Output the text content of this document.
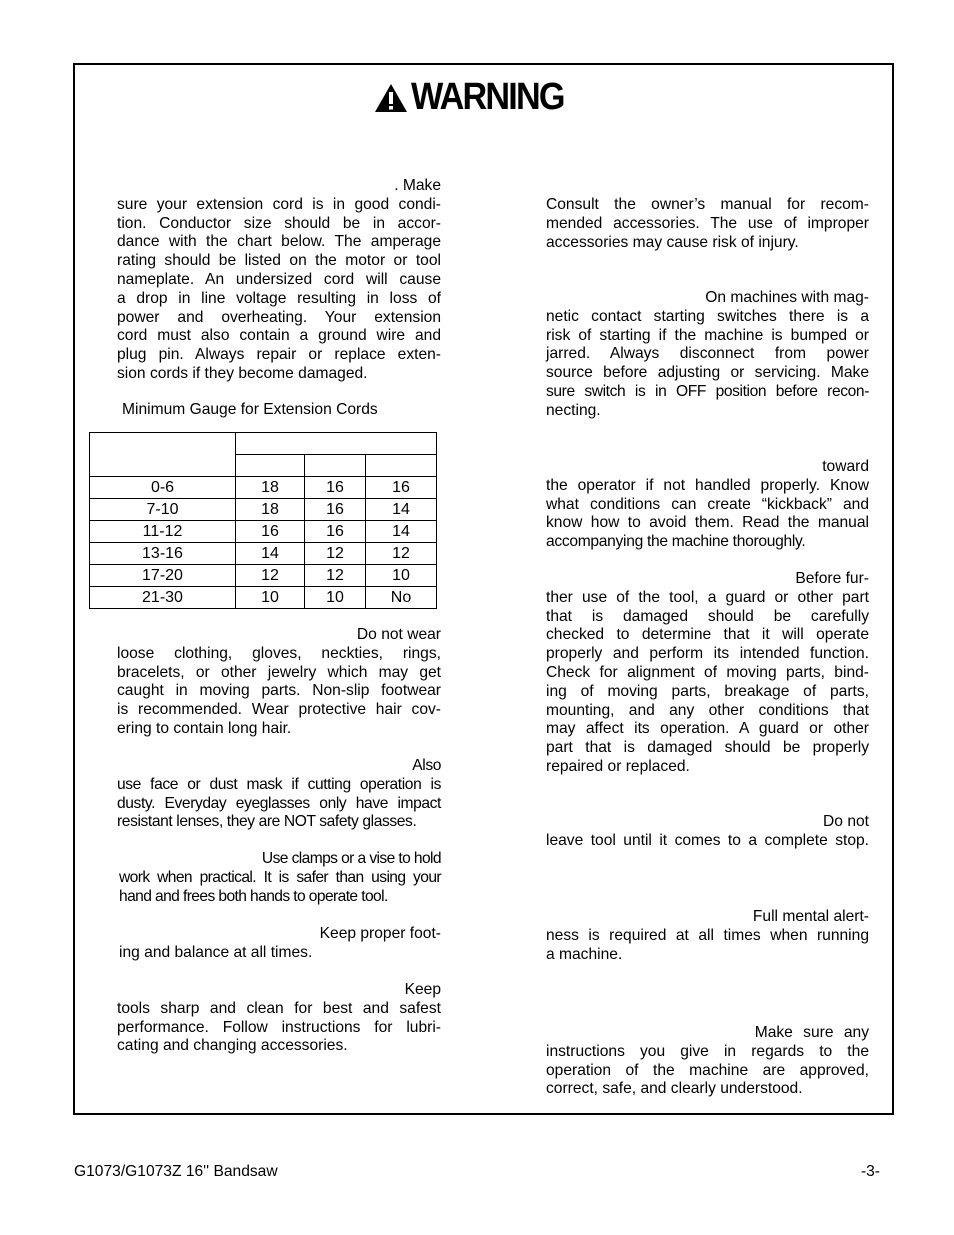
WARNING
. Make
sure your extension cord is in good condi-
tion. Conductor size should be in accor-
dance with the chart below. The amperage
rating should be listed on the motor or tool
nameplate. An undersized cord will cause
a drop in line voltage resulting in loss of
power and overheating. Your extension
cord must also contain a ground wire and
plug pin. Always repair or replace exten-
sion cords if they become damaged.
Minimum Gauge for Extension Cords

0-6	18	16	16
7-10	18	16	14
11-12	16	16	14
13-16	14	12	12
17-20	12	12	10
21-30	10	10	No
Do not wear
loose clothing, gloves, neckties, rings,
bracelets, or other jewelry which may get
caught in moving parts. Non-slip footwear
is recommended. Wear protective hair cov-
ering to contain long hair.
Also
use face or dust mask if cutting operation is
dusty. Everyday eyeglasses only have impact
resistant lenses, they are NOT safety glasses.
Use clamps or a vise to hold
work when practical. It is safer than using your
hand and frees both hands to operate tool.
Keep proper foot-
ing and balance at all times.
Keep
tools sharp and clean for best and safest
performance. Follow instructions for lubri-
cating and changing accessories.
Consult the owner’s manual for recom-
mended accessories. The use of improper
accessories may cause risk of injury.
On machines with mag-
netic contact starting switches there is a
risk of starting if the machine is bumped or
jarred. Always disconnect from power
source before adjusting or servicing. Make
sure switch is in OFF position before recon-
necting.
toward
the operator if not handled properly. Know
what conditions can create “kickback” and
know how to avoid them. Read the manual
accompanying the machine thoroughly.
Before fur-
ther use of the tool, a guard or other part
that is damaged should be carefully
checked to determine that it will operate
properly and perform its intended function.
Check for alignment of moving parts, bind-
ing of moving parts, breakage of parts,
mounting, and any other conditions that
may affect its operation. A guard or other
part that is damaged should be properly
repaired or replaced.
Do not
leave tool until it comes to a complete stop.
Full mental alert-
ness is required at all times when running
a machine.
Make sure any
instructions you give in regards to the
operation of the machine are approved,
correct, safe, and clearly understood.
G1073/G1073Z 16'' Bandsaw	-3-
